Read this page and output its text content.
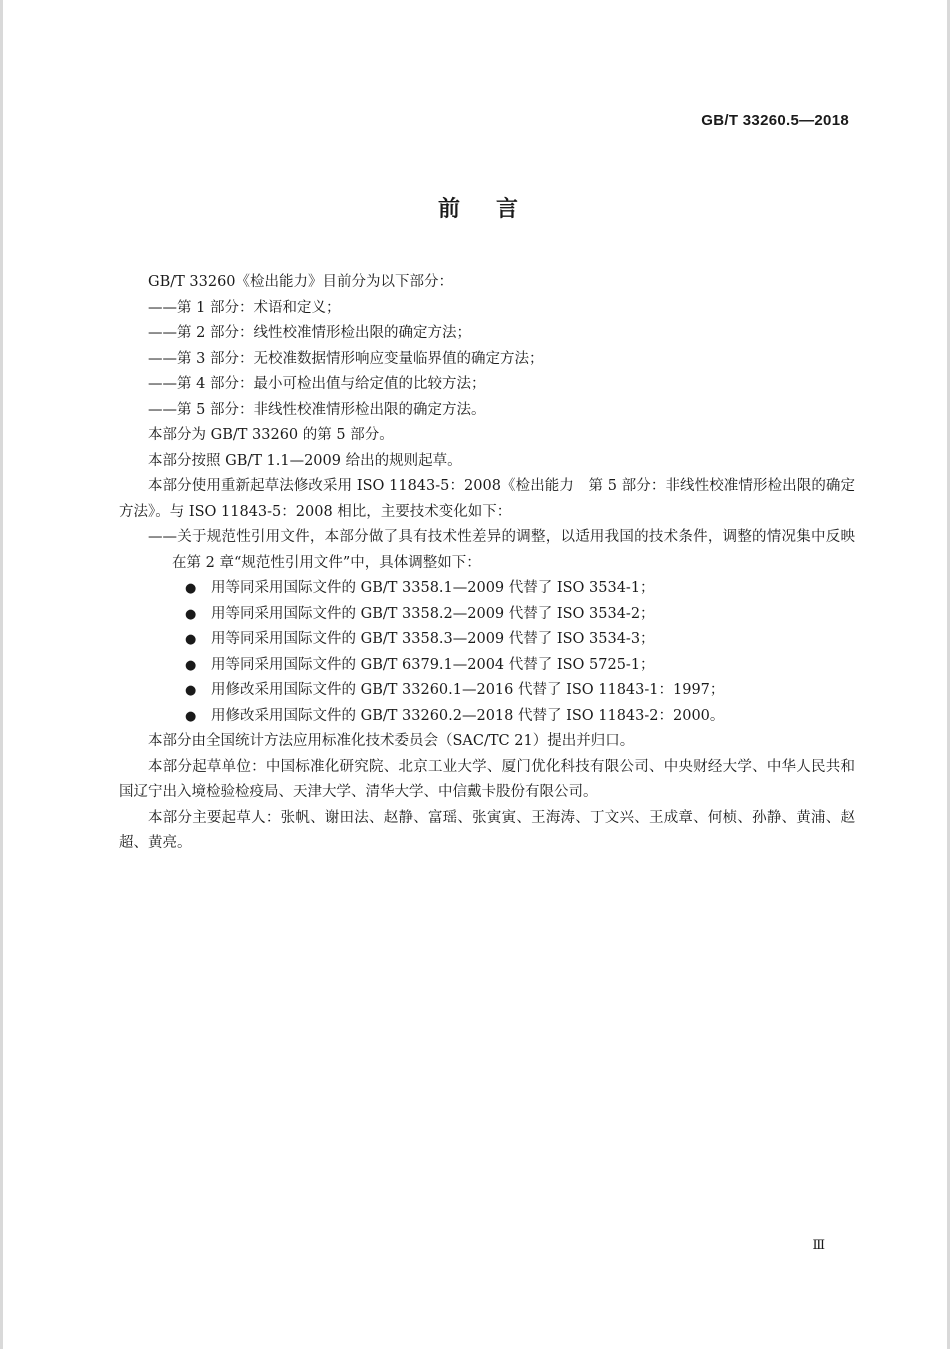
GB/T 33260.5—2018
前言

GB/T 33260《检出能力》目前分为以下部分：

——第 1 部分：术语和定义；

——第 2 部分：线性校准情形检出限的确定方法；

——第 3 部分：无校准数据情形响应变量临界值的确定方法；

——第 4 部分：最小可检出值与给定值的比较方法；

——第 5 部分：非线性校准情形检出限的确定方法。

本部分为 GB/T 33260 的第 5 部分。

本部分按照 GB/T 1.1—2009 给出的规则起草。

本部分使用重新起草法修改采用 ISO 11843-5：2008《检出能力　第 5 部分：非线性校准情形检出限的确定方法》。与 ISO 11843-5：2008 相比，主要技术变化如下：

——关于规范性引用文件，本部分做了具有技术性差异的调整，以适用我国的技术条件，调整的情况集中反映在第 2 章“规范性引用文件”中，具体调整如下：

● 用等同采用国际文件的 GB/T 3358.1—2009 代替了 ISO 3534-1；
● 用等同采用国际文件的 GB/T 3358.2—2009 代替了 ISO 3534-2；
● 用等同采用国际文件的 GB/T 3358.3—2009 代替了 ISO 3534-3；
● 用等同采用国际文件的 GB/T 6379.1—2004 代替了 ISO 5725-1；
● 用修改采用国际文件的 GB/T 33260.1—2016 代替了 ISO 11843-1：1997；
● 用修改采用国际文件的 GB/T 33260.2—2018 代替了 ISO 11843-2：2000。

本部分由全国统计方法应用标准化技术委员会（SAC/TC 21）提出并归口。

本部分起草单位：中国标准化研究院、北京工业大学、厦门优化科技有限公司、中央财经大学、中华人民共和国辽宁出入境检验检疫局、天津大学、清华大学、中信戴卡股份有限公司。

本部分主要起草人：张帆、谢田法、赵静、富瑶、张寅寅、王海涛、丁文兴、王成章、何桢、孙静、黄浦、赵超、黄亮。

Ⅲ
